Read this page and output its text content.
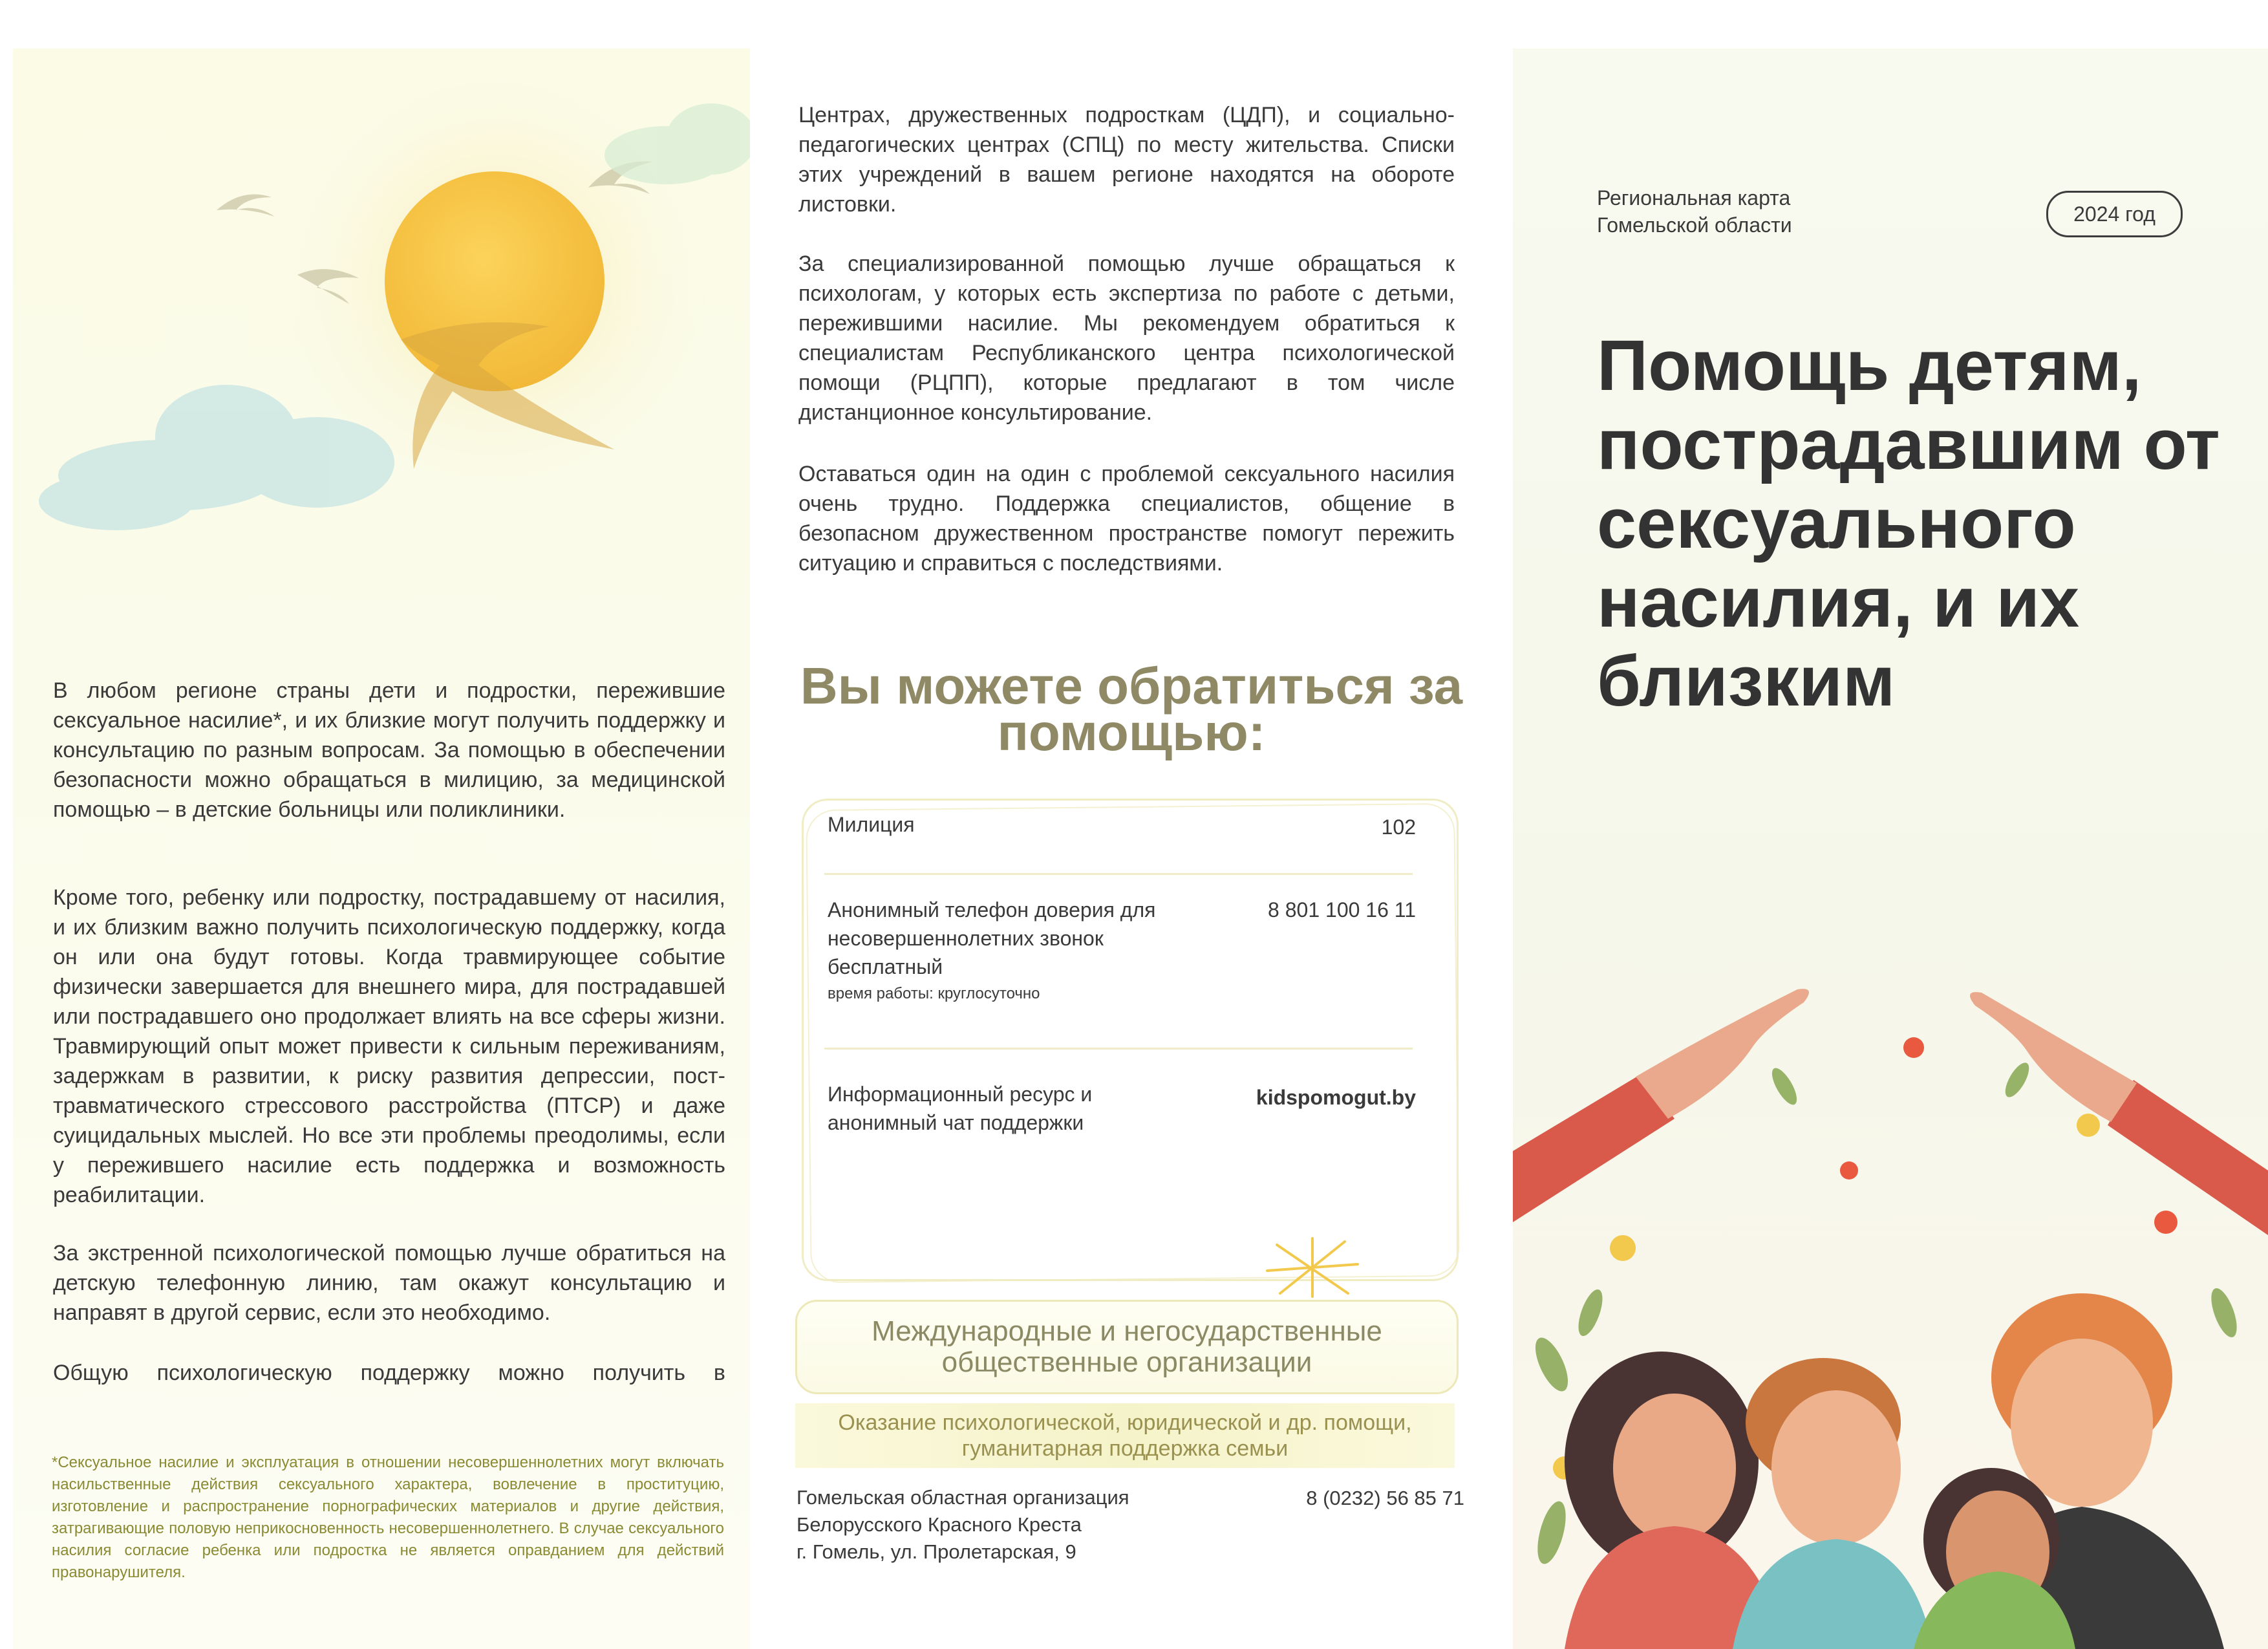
В любом регионе страны дети и подростки, пережившие сексуальное насилие*, и их близкие могут получить поддержку и консультацию по разным вопросам. За помощью в обеспечении безопасности можно обращаться в милицию, за медицинской помощью – в детские больницы или поликлиники.

Кроме того, ребенку или подростку, пострадавшему от насилия, и их близким важно получить психологическую поддержку, когда он или она будут готовы. Когда травмирующее событие физически завершается для внешнего мира, для пострадавшей или пострадавшего оно продолжает влиять на все сферы жизни. Травмирующий опыт может привести к сильным переживаниям, задержкам в развитии, к риску развития депрессии, пост-травматического стрессового расстройства (ПТСР) и даже суицидальных мыслей. Но все эти проблемы преодолимы, если у пережившего насилие есть поддержка и возможность реабилитации.

За экстренной психологической помощью лучше обратиться на детскую телефонную линию, там окажут консультацию и направят в другой сервис, если это необходимо.

Общую психологическую поддержку можно получить в

*Сексуальное насилие и эксплуатация в отношении несовершеннолетних могут включать насильственные действия сексуального характера, вовлечение в проституцию, изготовление и распространение порнографических материалов и другие действия, затрагивающие половую неприкосновенность несовершеннолетнего. В случае сексуального насилия согласие ребенка или подростка не является оправданием для действий правонарушителя.

Центрах, дружественных подросткам (ЦДП), и социально-педагогических центрах (СПЦ) по месту жительства. Списки этих учреждений в вашем регионе находятся на обороте листовки.

За специализированной помощью лучше обращаться к психологам, у которых есть экспертиза по работе с детьми, пережившими насилие. Мы рекомендуем обратиться к специалистам Республиканского центра психологической помощи (РЦПП), которые предлагают в том числе дистанционное консультирование.

Оставаться один на один с проблемой сексуального насилия очень трудно. Поддержка специалистов, общение в безопасном дружественном пространстве помогут пережить ситуацию и справиться с последствиями.

Вы можете обратиться за помощью:

Милиция	102

Анонимный телефон доверия для несовершеннолетних звонок бесплатный
время работы: круглосуточно

8 801 100 16 11

Информационный ресурс и анонимный чат поддержки

kidspomogut.by

Международные и негосударственные общественные организации

Оказание психологической, юридической и др. помощи, гуманитарная поддержка семьи

Гомельская областная организация Белорусского Красного Креста

г. Гомель, ул. Пролетарская, 9

8 (0232) 56 85 71

Региональная карта Гомельской области	2024 год
Помощь детям, пострадавшим от сексуального насилия, и их близким
